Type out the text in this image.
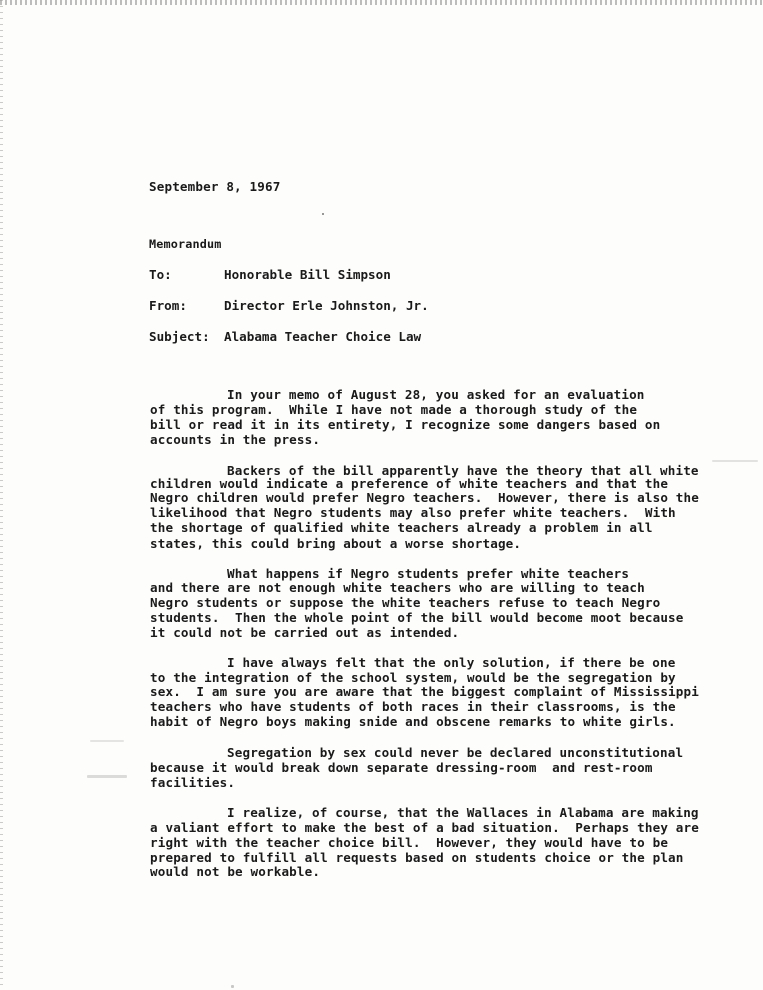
September 8, 1967
Memorandum
To:	Honorable Bill Simpson
From:	Director Erle Johnston, Jr.
Subject: Alabama Teacher Choice Law
In your memo of August 28, you asked for an evaluation
of this program.  While I have not made a thorough study of the
bill or read it in its entirety, I recognize some dangers based on
accounts in the press.
Backers of the bill apparently have the theory that all white
children would indicate a preference of white teachers and that the
Negro children would prefer Negro teachers.  However, there is also the
likelihood that Negro students may also prefer white teachers.  With
the shortage of qualified white teachers already a problem in all
states, this could bring about a worse shortage.
What happens if Negro students prefer white teachers
and there are not enough white teachers who are willing to teach
Negro students or suppose the white teachers refuse to teach Negro
students.  Then the whole point of the bill would become moot because
it could not be carried out as intended.
I have always felt that the only solution, if there be one
to the integration of the school system, would be the segregation by
sex.  I am sure you are aware that the biggest complaint of Mississippi
teachers who have students of both races in their classrooms, is the
habit of Negro boys making snide and obscene remarks to white girls.
Segregation by sex could never be declared unconstitutional
because it would break down separate dressing-room  and rest-room
facilities.
I realize, of course, that the Wallaces in Alabama are making
a valiant effort to make the best of a bad situation.  Perhaps they are
right with the teacher choice bill.  However, they would have to be
prepared to fulfill all requests based on students choice or the plan
would not be workable.
